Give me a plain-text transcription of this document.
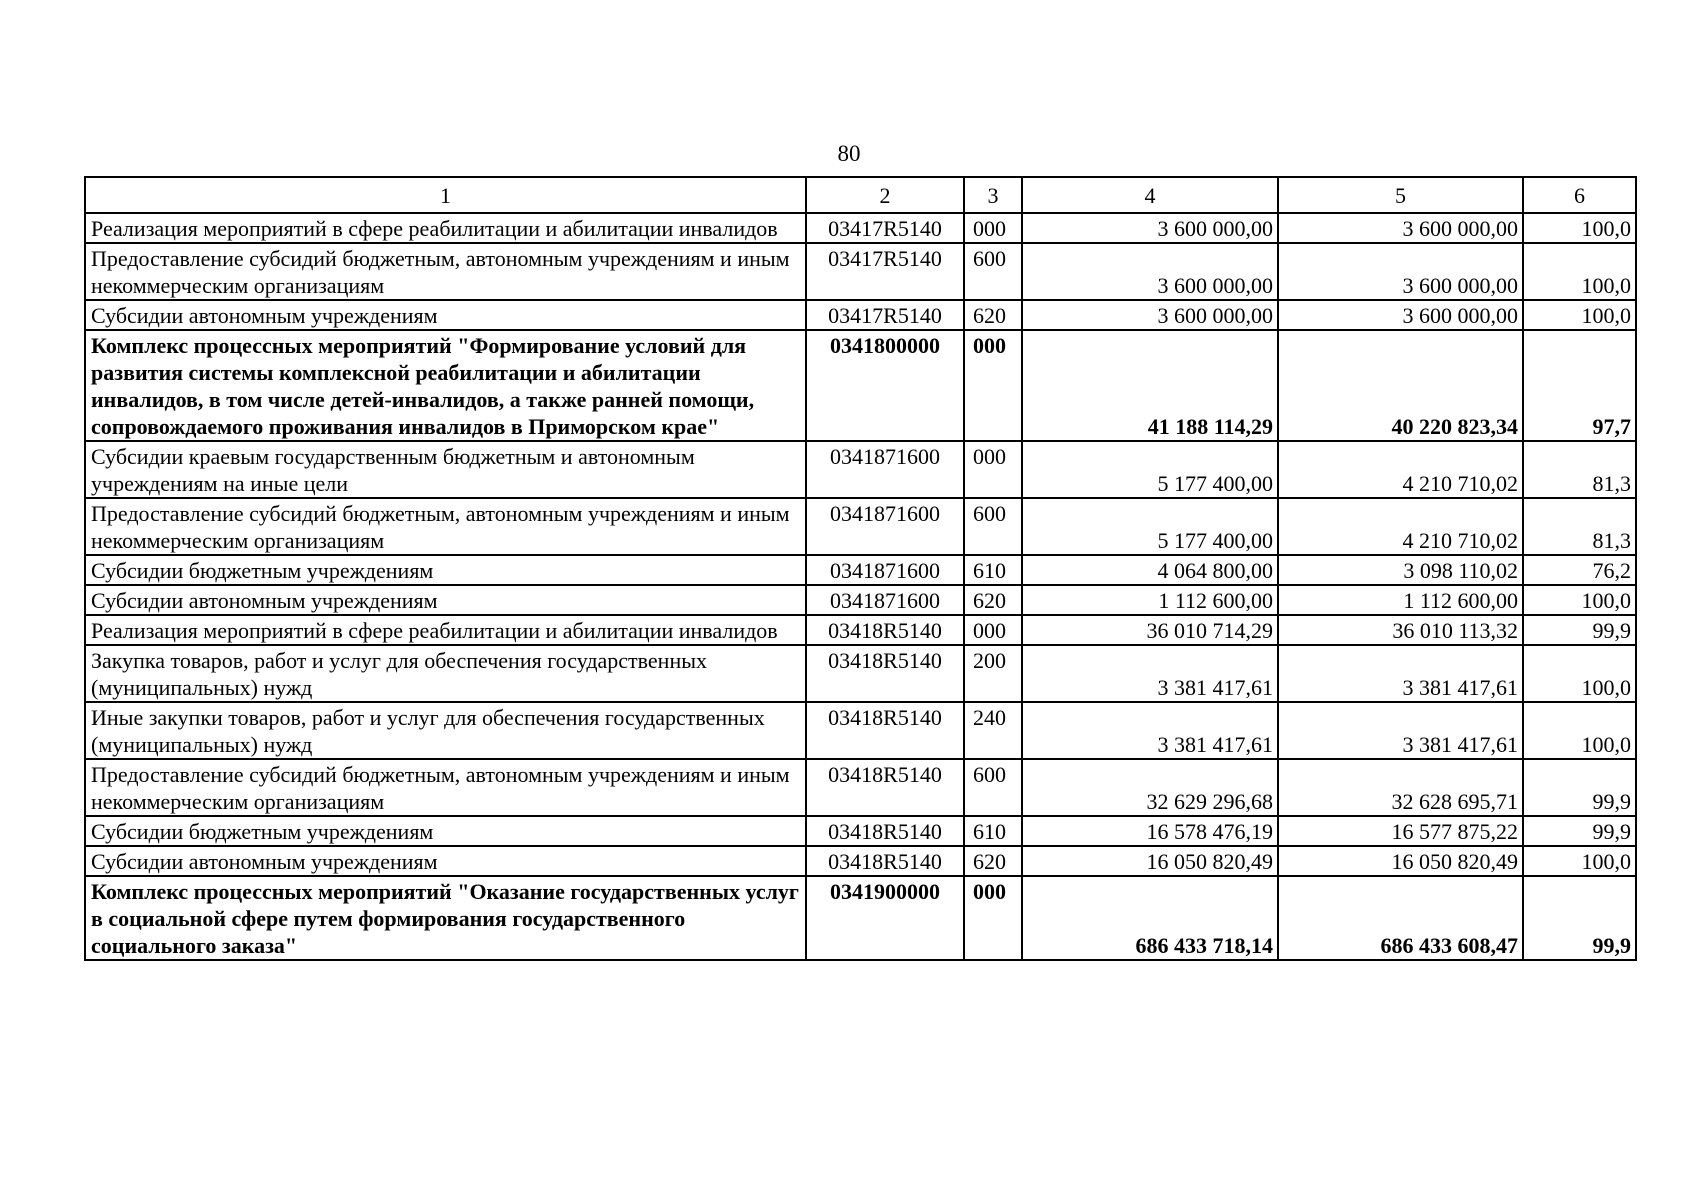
80
1	2	3	4	5	6
Реализация мероприятий в сфере реабилитации и абилитации инвалидов	03417R5140	000	3 600 000,00	3 600 000,00	100,0
Предоставление субсидий бюджетным, автономным учреждениям и иным некоммерческим организациям	03417R5140	600	3 600 000,00	3 600 000,00	100,0
Субсидии автономным учреждениям	03417R5140	620	3 600 000,00	3 600 000,00	100,0
Комплекс процессных мероприятий "Формирование условий для развития системы комплексной реабилитации и абилитации инвалидов, в том числе детей-инвалидов, а также ранней помощи, сопровождаемого проживания инвалидов в Приморском крае"	0341800000	000	41 188 114,29	40 220 823,34	97,7
Субсидии краевым государственным бюджетным и автономным учреждениям на иные цели	0341871600	000	5 177 400,00	4 210 710,02	81,3
Предоставление субсидий бюджетным, автономным учреждениям и иным некоммерческим организациям	0341871600	600	5 177 400,00	4 210 710,02	81,3
Субсидии бюджетным учреждениям	0341871600	610	4 064 800,00	3 098 110,02	76,2
Субсидии автономным учреждениям	0341871600	620	1 112 600,00	1 112 600,00	100,0
Реализация мероприятий в сфере реабилитации и абилитации инвалидов	03418R5140	000	36 010 714,29	36 010 113,32	99,9
Закупка товаров, работ и услуг для обеспечения государственных (муниципальных) нужд	03418R5140	200	3 381 417,61	3 381 417,61	100,0
Иные закупки товаров, работ и услуг для обеспечения государственных (муниципальных) нужд	03418R5140	240	3 381 417,61	3 381 417,61	100,0
Предоставление субсидий бюджетным, автономным учреждениям и иным некоммерческим организациям	03418R5140	600	32 629 296,68	32 628 695,71	99,9
Субсидии бюджетным учреждениям	03418R5140	610	16 578 476,19	16 577 875,22	99,9
Субсидии автономным учреждениям	03418R5140	620	16 050 820,49	16 050 820,49	100,0
Комплекс процессных мероприятий "Оказание государственных услуг в социальной сфере путем формирования государственного социального заказа"	0341900000	000	686 433 718,14	686 433 608,47	99,9
